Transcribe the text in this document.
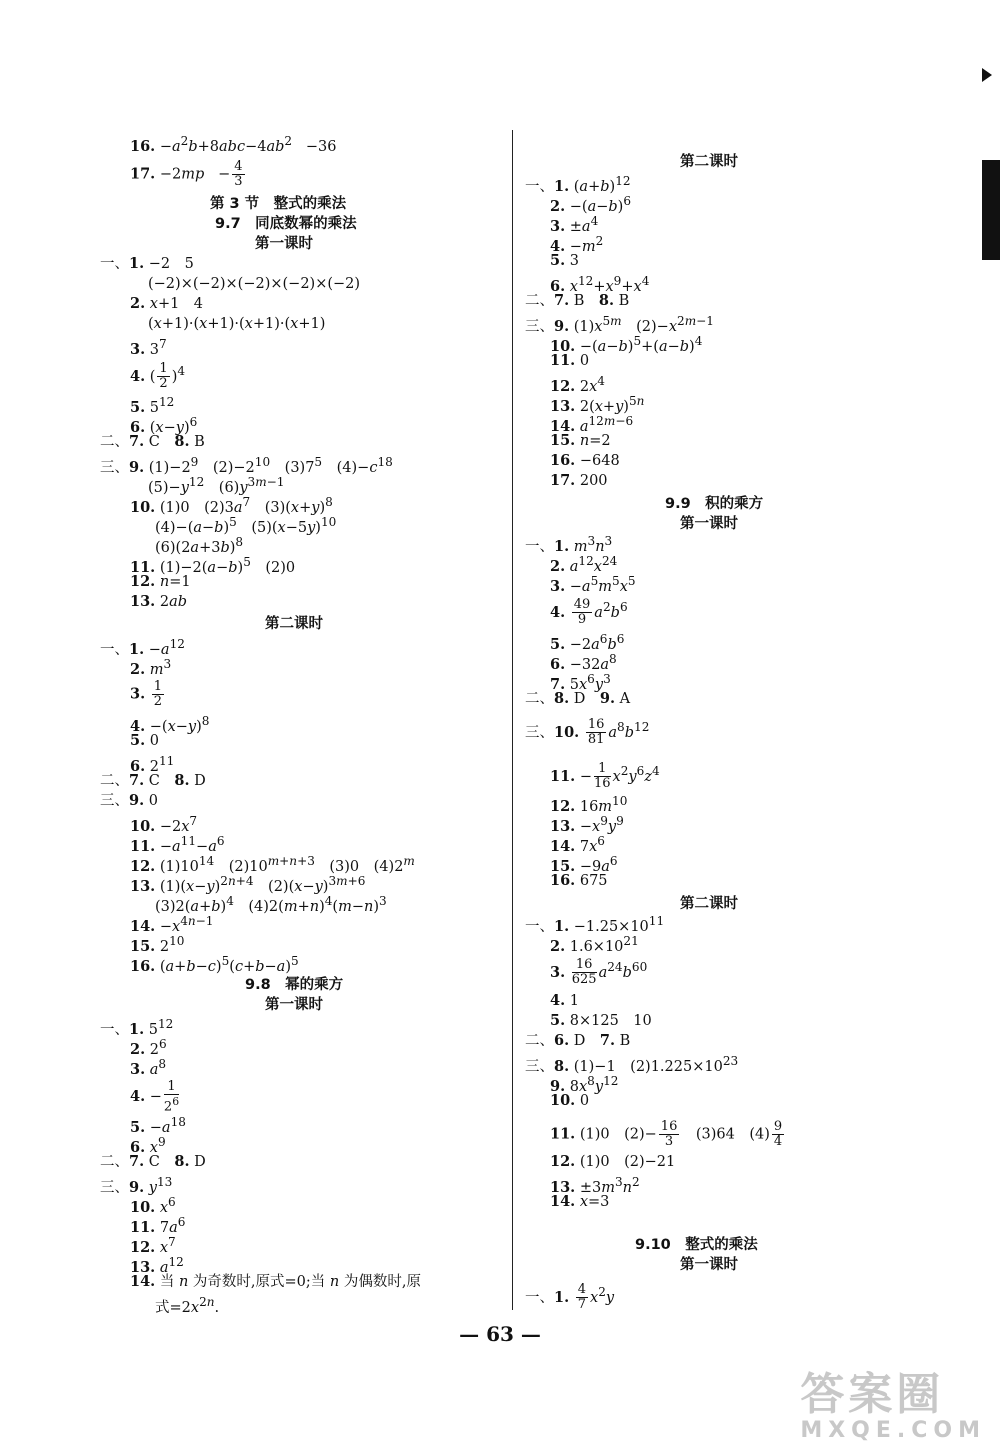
16. $-a^2b+8abc-4ab^2 -36$
17. $-2mp - \frac{4}{3}$
第 3 节　整式的乘法
9.7　同底数幂的乘法
第一课时
一、1. −2　5
(−2)×(−2)×(−2)×(−2)×(−2)
2. x+1　4
(x+1)·(x+1)·(x+1)·(x+1)
3. $3^7$
4. ( $\frac{1}{2} )^4$
5. $5^{12}$
6. $(x-y)^6$
二、7. C　8. B
三、9. $(1)-2^9$　$(2)-2^{10}$　$(3)7^5$　$(4)-c^{18}$
$(5)-y^{12}$　$(6)y^{3m-1}$
10. (1)0　$(2)3a^7$　$(3)(x+y)^8$
$(4)-(a-b)^5$　$(5)(x-5y)^{10}$
$(6)(2a+3b)^8$
11. $(1)-2(a-b)^5$　(2)0
12. n=1
13. 2ab
第二课时
一、1. $-a^{12}$
2. $m^3$
3. $\frac{1}{2}$
4. $-(x-y)^8$
5. 0
6. $2^{11}$
二、7. C　8. D
三、9. 0
10. $-2x^7$
11. $-a^{11}-a^6$
12. $(1)10^{14}$　$(2)10^{m+n+3}$　(3)0　(4)2$^m$
13. $(1)(x-y)^{2n+4}$　$(2)(x-y)^{3m+6}$
$(3)2(a+b)^4$　$(4)2(m+n)^4(m-n)^3$
14. $-x^{4n-1}$
15. $2^{10}$
16. $(a+b-c)^5(c+b-a)^5$
9.8　幂的乘方
第一课时
一、1. $5^{12}$
2. $2^6$
3. $a^8$
4. − $\frac{1}{2^6}$
5. $-a^{18}$
6. $x^9$
二、7. C　8. D
三、9. $y^{13}$
10. $x^6$
11. $7a^6$
12. $x^7$
13. $a^{12}$
14. 当 n 为奇数时,原式=0;当 n 为偶数时,原
式$=2x^{2n}$.
第二课时
一、1. $(a+b)^{12}$
2. $-(a-b)^6$
3. $\pm a^4$
4. $-m^2$
5. 3
6. $x^{12}+x^9+x^4$
二、7. B　8. B
三、9. $(1)x^{5m}$　$(2)-x^{2m-1}$
10. $-(a-b)^5+(a-b)^4$
11. 0
12. $2x^4$
13. $2(x+y)^{5n}$
14. $a^{12m-6}$
15. n=2
16. −648
17. 200
9.9　积的乘方
第一课时
一、1. $m^3n^3$
2. $a^{12}x^{24}$
3. $-a^5m^5x^5$
4. $\frac{49}{9} a^2b^6$
5. $-2a^6b^6$
6. $-32a^8$
7. $5x^6y^3$
二、8. D　9. A
三、10. $\frac{16}{81} a^8b^{12}$
11. − $\frac{1}{16} x^2y^6z^4$
12. $16m^{10}$
13. $-x^9y^9$
14. $7x^6$
15. $-9a^6$
16. 675
第二课时
一、1. $-1.25\times 10^{11}$
2. $1.6\times 10^{21}$
3. $\frac{16}{625} a^{24}b^{60}$
4. 1
5. 8×125　10
二、6. D　7. B
三、8. (1)−1　$(2)1.225\times 10^{23}$
9. $8x^8y^{12}$
10. 0
11. (1)0　$(2)- \frac{16}{3}$ 　(3)64　$(4) \frac{9}{4}$
12. (1)0　(2)−21
13. $\pm 3m^3n^2$
14. x=3
9.10　整式的乘法
第一课时
一、1. $\frac{4}{7} x^2y$
— 63 —
答案圈
MXQE.COM
